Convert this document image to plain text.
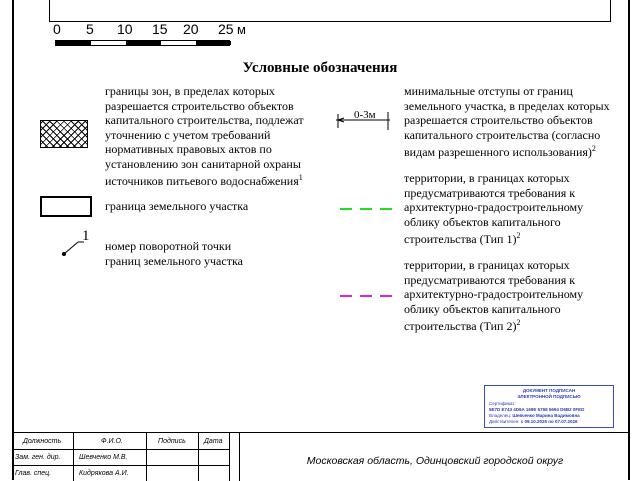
0 5 10 15 20 25 м
Условные обозначения
границы зон, в пределах которых
разрешается строительство объектов
капитального строительства, подлежат
уточнению с учетом требований
нормативных правовых актов по
установлению зон санитарной охраны
источников питьевого водоснабжения$^1$
граница земельного участка
1
номер поворотной точки
границ земельного участка
0-3м
минимальные отступы от границ
земельного участка, в пределах которых
разрешается строительство объектов
капитального строительства (согласно
видам разрешенного использования)$^2$
территории, в границах которых
предусматриваются требования к
архитектурно-градостроительному
облику объектов капитального
строительства (Тип 1)$^2$
территории, в границах которых
предусматриваются требования к
архитектурно-градостроительному
облику объектов капитального
строительства (Тип 2)$^2$
ДОКУМЕНТ ПОДПИСАН
ЭЛЕКТРОННОЙ ПОДПИСЬЮ
Сертификат:
5E7D E743 4D6A 169E 5768 5694 D6B2 0FED
Владелец: Шевченко Марина Вадимовна
Действителен: с 09.10.2025 по 07.07.2026
Должность	Ф.И.О.	Подпись	Дата
Зам. ген. дир.	Шевченко М.В.
Глав. спец.	Кидрякова А.И.
Московская область, Одинцовский городской округ
